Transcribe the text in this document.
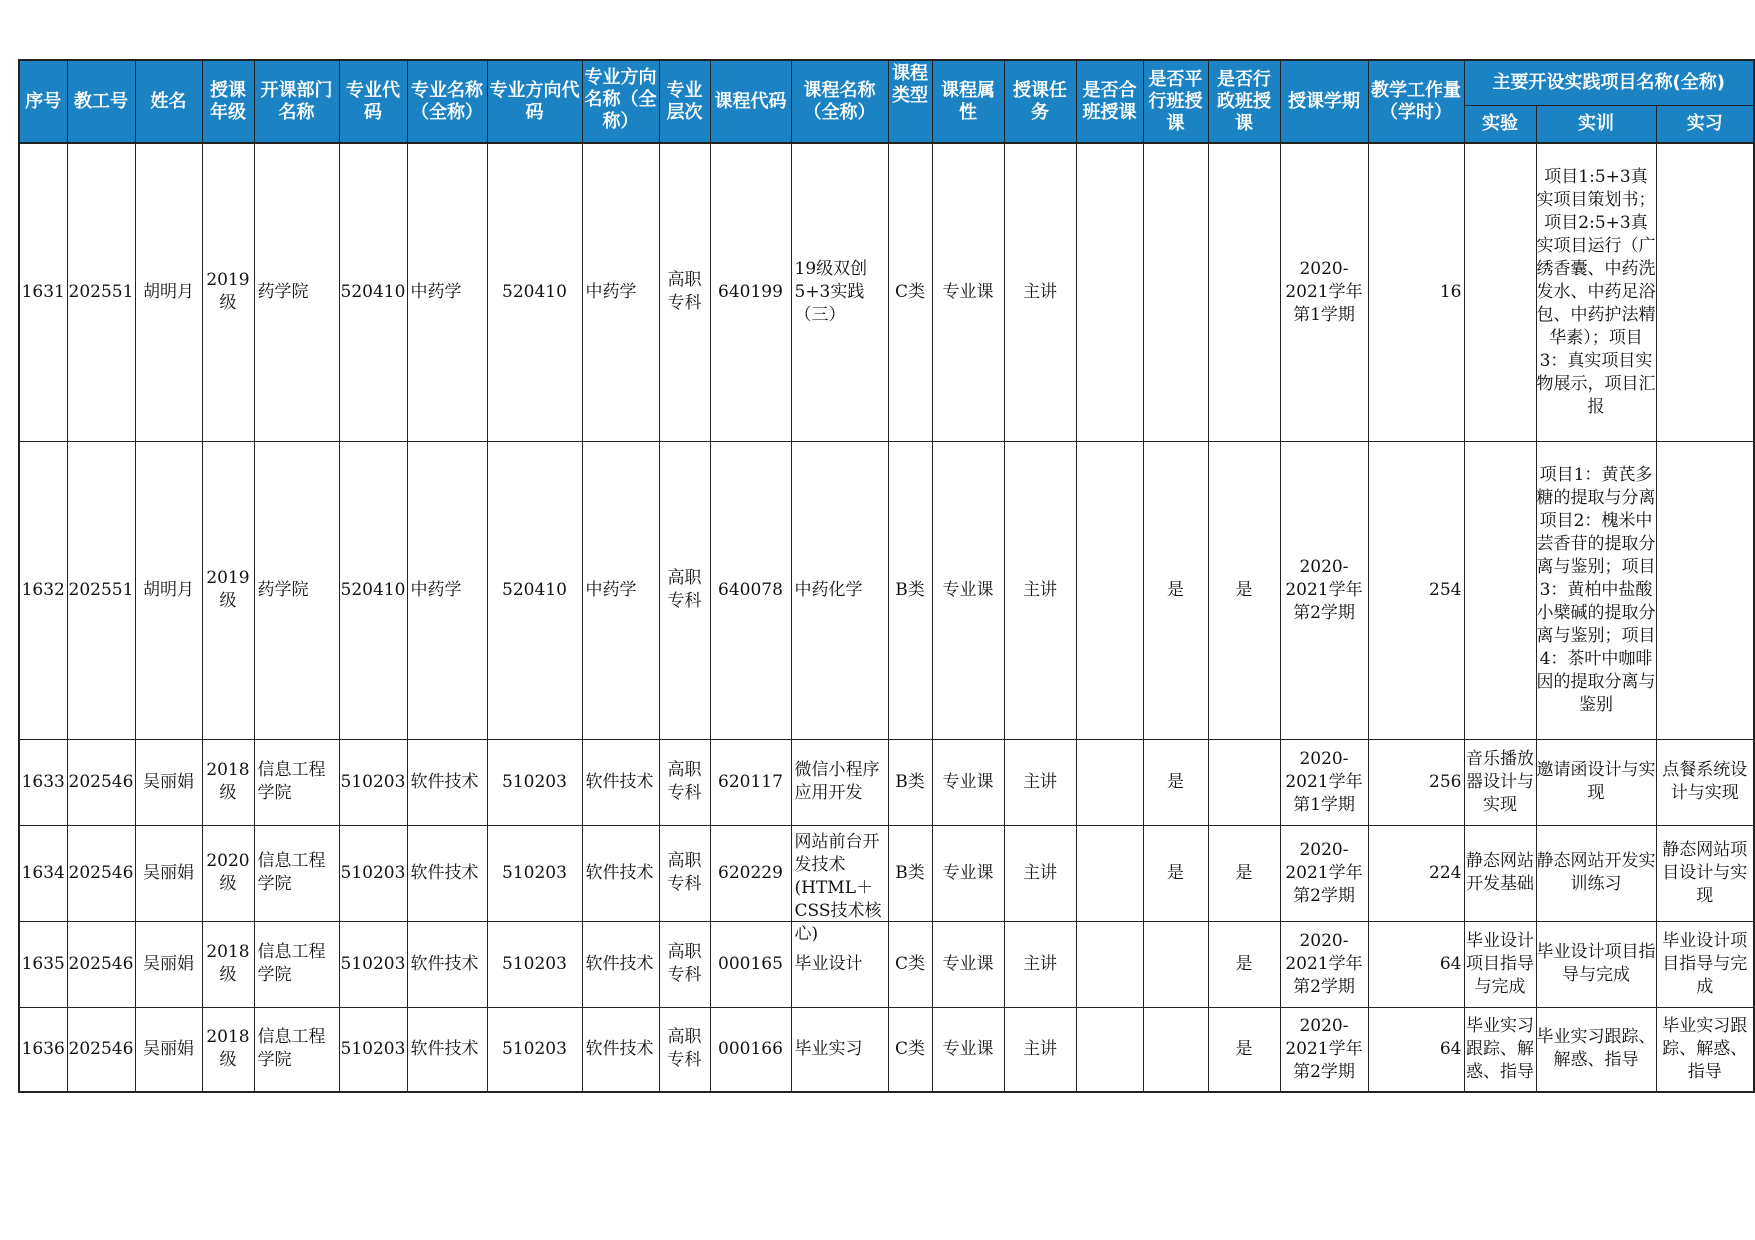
序号	教工号	姓名	授课年级	开课部门名称	专业代码	专业名称（全称）	专业方向代码	专业方向名称（全称）	专业层次	课程代码	课程名称（全称）	课程类型	课程属性	授课任务	是否合班授课	是否平行班授课	是否行政班授课	授课学期	教学工作量（学时）	主要开设实践项目名称(全称)		
																				实验	实训	实习

1631	202551	胡明月	2019级	药学院	520410	中药学	520410	中药学	高职专科	640199	19级双创5+3实践（三）	C类	专业课	主讲				2020-2021学年第1学期	16		项目1:5+3真实项目策划书；项目2:5+3真实项目运行（广绣香囊、中药洗发水、中药足浴包、中药护法精华素）；项目3：真实项目实物展示，项目汇报	

1632	202551	胡明月	2019级	药学院	520410	中药学	520410	中药学	高职专科	640078	中药化学	B类	专业课	主讲		是	是	2020-2021学年第2学期	254		项目1：黄芪多糖的提取与分离 项目2：槐米中芸香苷的提取分离与鉴别；项目3：黄柏中盐酸小檗碱的提取分离与鉴别；项目4：茶叶中咖啡因的提取分离与鉴别	

1633	202546	吴丽娟	2018级	信息工程学院	510203	软件技术	510203	软件技术	高职专科	620117	微信小程序应用开发	B类	专业课	主讲		是		2020-2021学年第1学期	256	音乐播放器设计与实现	邀请函设计与实现	点餐系统设计与实现

1634	202546	吴丽娟	2020级	信息工程学院	510203	软件技术	510203	软件技术	高职专科	620229	网站前台开发技术(HTML＋CSS技术核心)	B类	专业课	主讲		是	是	2020-2021学年第2学期	224	静态网站开发基础	静态网站开发实训练习	静态网站项目设计与实现

1635	202546	吴丽娟	2018级	信息工程学院	510203	软件技术	510203	软件技术	高职专科	000165	毕业设计	C类	专业课	主讲			是	2020-2021学年第2学期	64	毕业设计项目指导与完成	毕业设计项目指导与完成	毕业设计项目指导与完成

1636	202546	吴丽娟	2018级	信息工程学院	510203	软件技术	510203	软件技术	高职专科	000166	毕业实习	C类	专业课	主讲			是	2020-2021学年第2学期	64	毕业实习跟踪、解惑、指导	毕业实习跟踪、解惑、指导	毕业实习跟踪、解惑、指导
